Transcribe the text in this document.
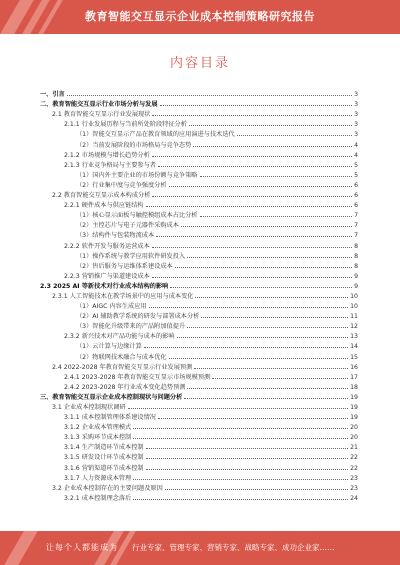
教育智能交互显示企业成本控制策略研究报告
内容目录
一、引言	3
二、教育智能交互显示行业市场分析与发展	3
2.1 教育智能交互显示行业发展现状	3
2.1.1 行业发展历程与当前所处阶段特征分析	3
（1）智能交互显示产品在教育领域的应用演进与技术迭代	3
（2）当前发展阶段的市场格局与竞争态势	4
2.1.2 市场规模与增长趋势分析	4
2.1.3 行业竞争格局与主要参与者	5
（1）国内外主要企业的市场份额与竞争策略	5
（2）行业集中度与竞争强度分析	6
2.2 教育智能交互显示成本构成分析	6
2.2.1 硬件成本与供应链结构	6
（1）核心显示面板与触控模组成本占比分析	7
（2）主控芯片与电子元器件采购成本	7
（3）结构件与包装物流成本	7
2.2.2 软件开发与服务运营成本	8
（1）操作系统与教学应用软件研发投入	8
（2）售后服务与运维体系建设成本	8
2.2.3 营销推广与渠道建设成本	9
2.3 2025 AI 等新技术对行业成本结构的影响	9
2.3.1 人工智能技术在教学场景中的应用与成本变化	10
（1）AIGC 内容生成应用	10
（2）AI 辅助教学系统的研发与部署成本分析	11
（3）智能化升级带来的产品附加值提升	12
2.3.2 新兴技术对产品功能与成本的影响	13
（1）云计算与边缘计算	14
（2）物联网技术融合与成本优化	15
2.4 2022-2028 年教育智能交互显示行业发展预测	16
2.4.1 2023-2028 年教育智能交互显示市场规模预测	17
2.4.2 2023-2028 年行业成本变化趋势预测	18
三、教育智能交互显示企业成本控制现状与问题分析	19
3.1 企业成本控制现状调研	19
3.1.1 成本控制管理体系建设情况	19
3.1.2 企业成本管理模式	20
3.1.3 采购环节成本控制	20
3.1.4 生产制造环节成本控制	21
3.1.5 研发设计环节成本控制	22
3.1.6 营销渠道环节成本控制	22
3.1.7 人力资源成本管理	23
3.2 企业成本控制存在的主要问题及原因	23
3.2.1 成本控制理念落后	24
让每个人都能成为 行业专家、管理专家、营销专家、战略专家、成功企业家……
